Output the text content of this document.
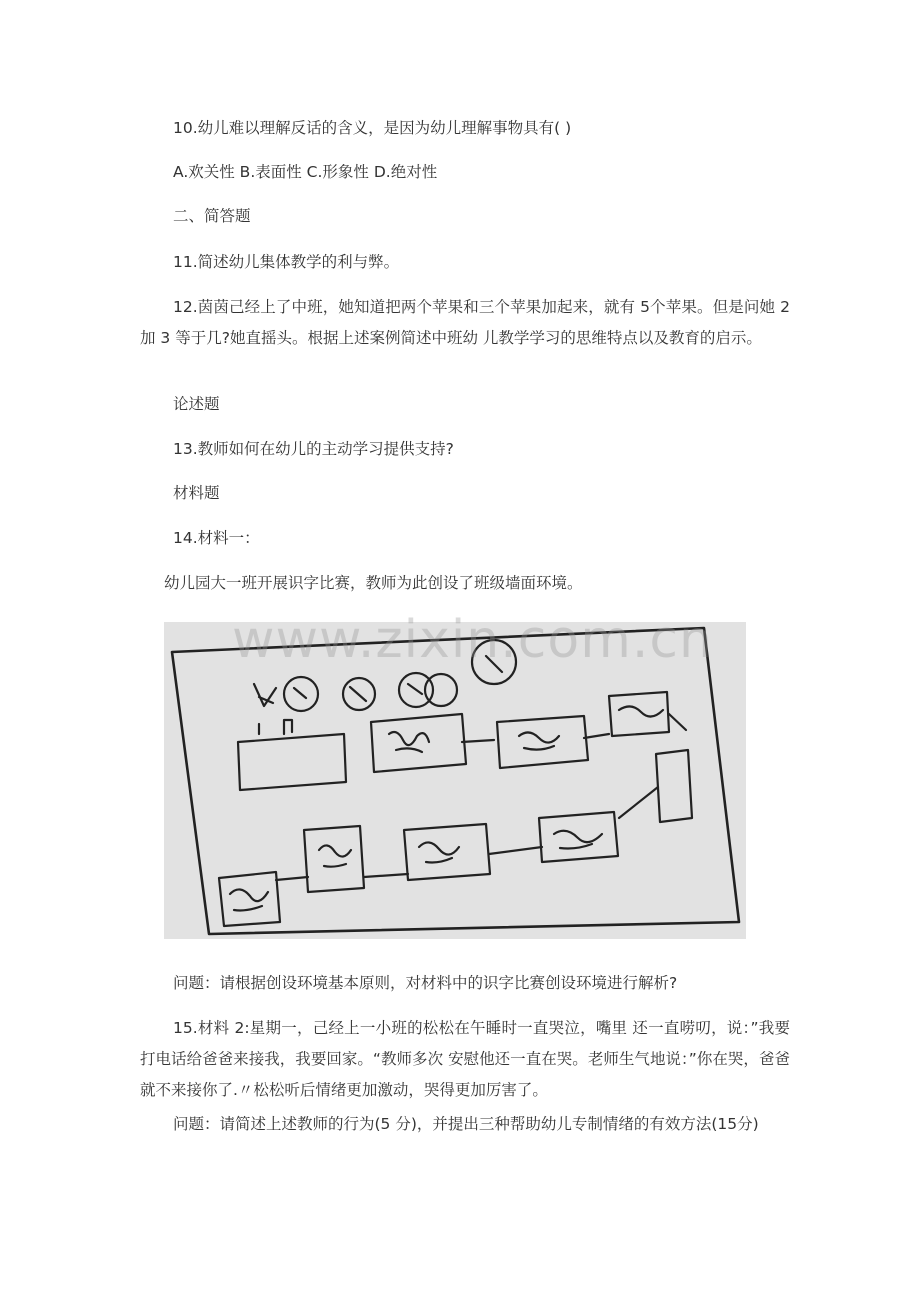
10.幼儿难以理解反话的含义，是因为幼儿理解事物具有( )
A.欢关性 B.表面性 C.形象性 D.绝对性
二、简答题
11.简述幼儿集体教学的利与弊。
12.茵茵己经上了中班，她知道把两个苹果和三个苹果加起来，就有 5个苹果。但是问她 2 加 3 等于几?她直摇头。根据上述案例简述中班幼 儿教学学习的思维特点以及教育的启示。
论述题
13.教师如何在幼儿的主动学习提供支持?
材料题
14.材料一：
幼儿园大一班开展识字比赛，教师为此创设了班级墙面环境。
www.zixin.com.cn
问题：请根据创设环境基本原则，对材料中的识字比赛创设环境进行解析?
15.材料 2:星期一，己经上一小班的松松在午睡时一直哭泣，嘴里 还一直唠叨，说：”我要打电话给爸爸来接我，我要回家。“教师多次 安慰他还一直在哭。老师生气地说：”你在哭，爸爸就不来接你了.〃松松听后情绪更加激动，哭得更加厉害了。
问题：请简述上述教师的行为(5 分)，并提出三种帮助幼儿专制情绪的有效方法(15分)
